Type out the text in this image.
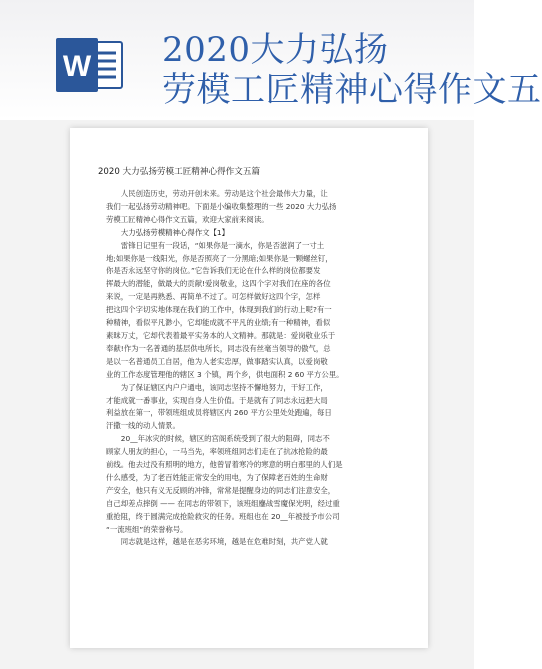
W 2020大力弘扬
劳模工匠精神心得作文五
2020 大力弘扬劳模工匠精神心得作文五篇

人民创造历史，劳动开创未来。劳动是这个社会最伟大力量，让
我们一起弘扬劳动精神吧。下面是小编收集整理的一些 2020 大力弘扬
劳模工匠精神心得作文五篇，欢迎大家前来阅读。

大力弘扬劳模精神心得作文【1】

雷锋日记里有一段话，“如果你是一滴水，你是否滋润了一寸土
地;如果你是一线阳光，你是否照亮了一分黑暗;如果你是一颗螺丝钉，
你是否永远坚守你的岗位。”它告诉我们无论在什么样的岗位都要发
挥最大的潜能，做最大的贡献!爱岗敬业，这四个字对我们在座的各位
来说，一定是再熟悉、再简单不过了。可怎样做好这四个字，怎样
把这四个字切实地体现在我们的工作中，体现到我们的行动上呢?有一
种精神，看似平凡渺小，它却能成就不平凡的业绩;有一种精神，看似
素昧万丈，它却代表着最平实务本的人文精神。那就是：爱岗敬业乐于
奉献!作为一名普通的基层供电所长，同志没有丝毫当领导的傲气，总
是以一名普通员工自居，他为人老实忠厚，做事踏实认真，以爱岗敬
业的工作态度管理他的辖区 3 个镇，两个乡，供电面积 2 60 平方公里。
为了保证辖区内户户通电，该同志坚持不懈地努力，干好工作，
才能成就一番事业，实现自身人生价值。于是就有了同志永远把大局
利益放在第一，带领班组成员将辖区内 260 平方公里处处跑遍，每日
汗撒一线的动人情景。

20__年冰灾的时候，辖区的宫阁系统受到了很大的阻碍，同志不
顾家人朋友的担心，一马当先，率领班组同志们走在了抗冰抢险的最
前线。他去过没有照明的地方，他曾冒着寒冷的寒意的明白那里的人们是
什么感受，为了老百姓能正常安全的用电，为了保障老百姓的生命财
产安全，他只有义无反顾的冲锋，常常是提醒身边的同志们注意安全，
自己却差点摔倒 —— 在同志的带领下，该班组鏖战雪魔保光明，经过重
重抢阻，终于圆满完成抢险救灾的任务。班组也在 20__年被授予市公司
“一流班组”的荣誉称号。

同志就是这样，越是在恶劣环境，越是在危难时刻，共产党人就
